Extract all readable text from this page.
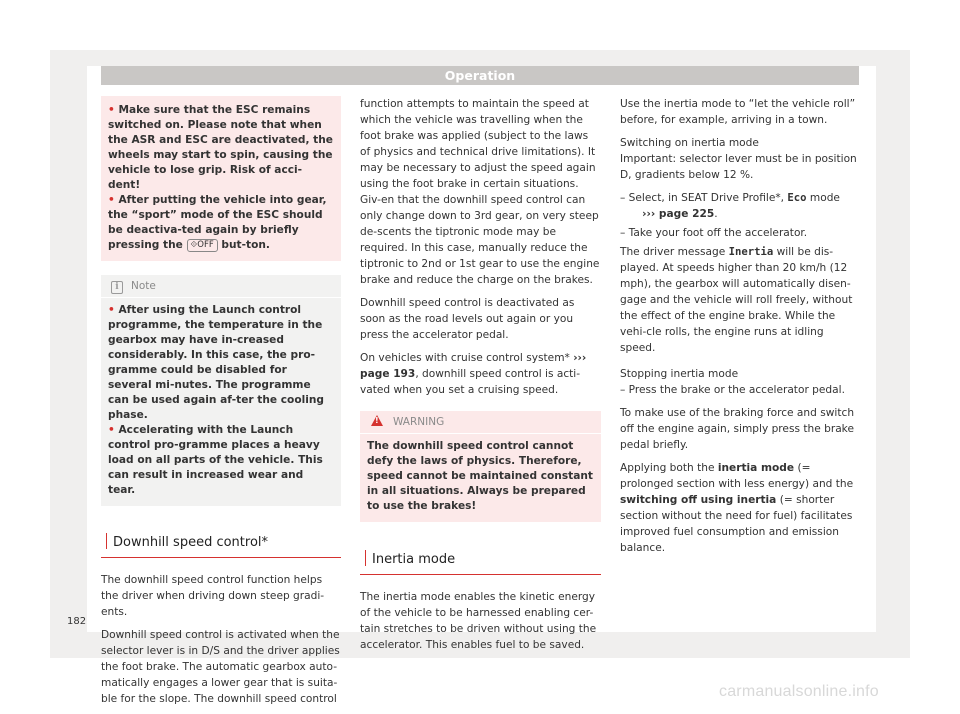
Operation

• Make sure that the ESC remains switched on. Please note that when the ASR and ESC are deactivated, the wheels may start to spin, causing the vehicle to lose grip. Risk of acci-dent!

• After putting the vehicle into gear, the “sport” mode of the ESC should be deactiva-ted again by briefly pressing the ⟐OFF but-ton.

i Note

• After using the Launch control programme, the temperature in the gearbox may have in-creased considerably. In this case, the pro-gramme could be disabled for several mi-nutes. The programme can be used again af-ter the cooling phase.

• Accelerating with the Launch control pro-gramme places a heavy load on all parts of the vehicle. This can result in increased wear and tear.

Downhill speed control*

The downhill speed control function helps the driver when driving down steep gradi-ents.

Downhill speed control is activated when the selector lever is in D/S and the driver applies the foot brake. The automatic gearbox auto-matically engages a lower gear that is suita-ble for the slope. The downhill speed control

function attempts to maintain the speed at which the vehicle was travelling when the foot brake was applied (subject to the laws of physics and technical drive limitations). It may be necessary to adjust the speed again using the foot brake in certain situations. Giv-en that the downhill speed control can only change down to 3rd gear, on very steep de-scents the tiptronic mode may be required. In this case, manually reduce the tiptronic to 2nd or 1st gear to use the engine brake and reduce the charge on the brakes.

Downhill speed control is deactivated as soon as the road levels out again or you press the accelerator pedal.

On vehicles with cruise control system* ››› page 193, downhill speed control is acti-vated when you set a cruising speed.

!WARNING

The downhill speed control cannot defy the laws of physics. Therefore, speed cannot be maintained constant in all situations. Always be prepared to use the brakes!

Inertia mode

The inertia mode enables the kinetic energy of the vehicle to be harnessed enabling cer-tain stretches to be driven without using the accelerator. This enables fuel to be saved.

Use the inertia mode to “let the vehicle roll” before, for example, arriving in a town.

Switching on inertia mode

Important: selector lever must be in position D, gradients below 12 %.

– Select, in SEAT Drive Profile*, Eco mode
››› page 225.

– Take your foot off the accelerator.

The driver message Inertia will be dis-played. At speeds higher than 20 km/h (12 mph), the gearbox will automatically disen-gage and the vehicle will roll freely, without the effect of the engine brake. While the vehi-cle rolls, the engine runs at idling speed.

Stopping inertia mode

– Press the brake or the accelerator pedal.

To make use of the braking force and switch off the engine again, simply press the brake pedal briefly.

Applying both the inertia mode (= prolonged section with less energy) and the switching off using inertia (= shorter section without the need for fuel) facilitates improved fuel consumption and emission balance.

182
carmanualsonline.info
